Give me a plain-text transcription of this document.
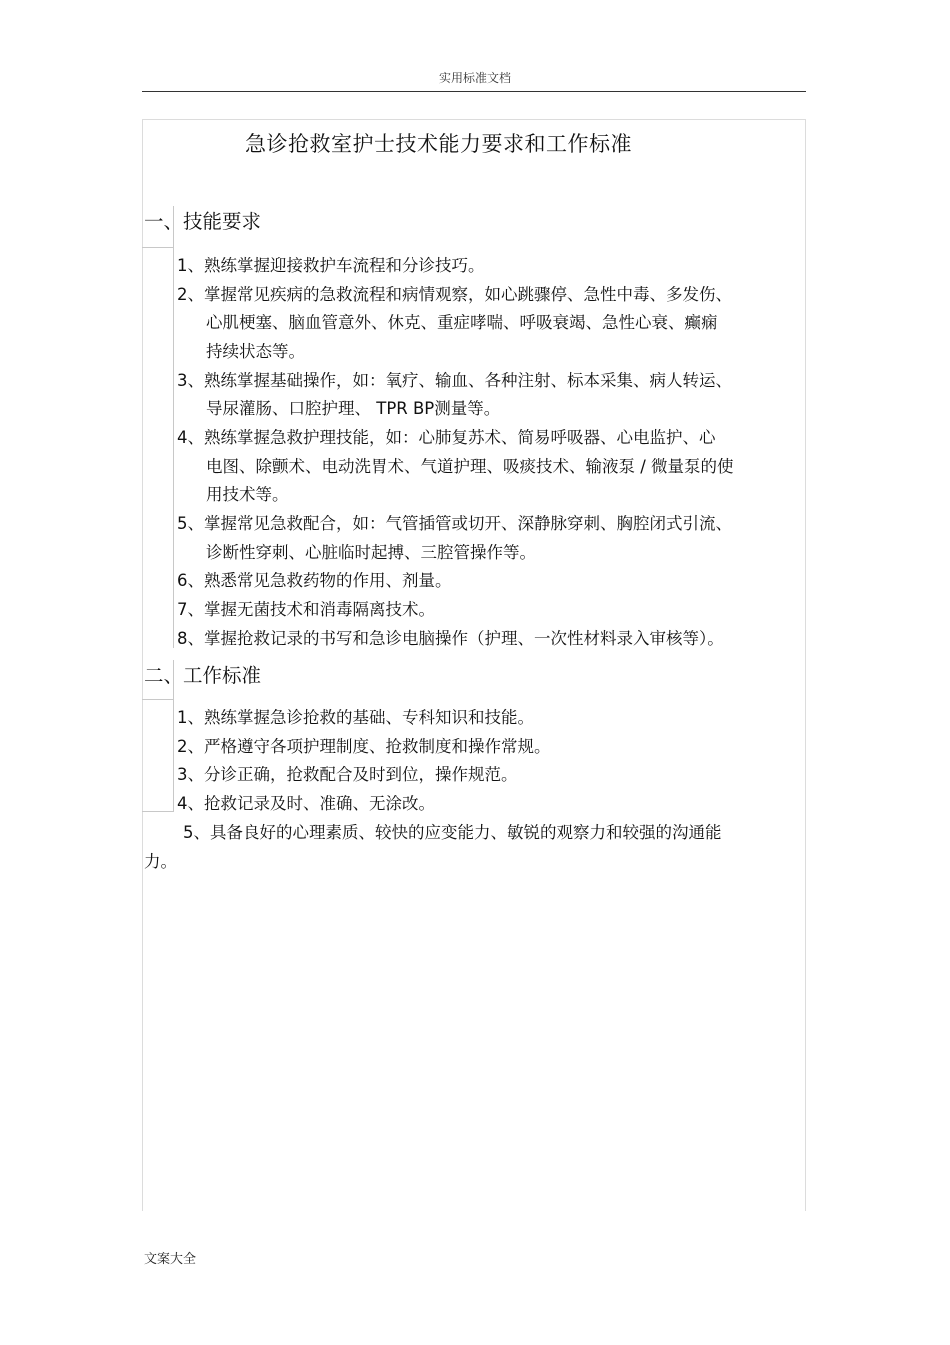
实用标准文档
急诊抢救室护士技术能力要求和工作标准
一、技能要求
1、熟练掌握迎接救护车流程和分诊技巧。
2、掌握常见疾病的急救流程和病情观察，如心跳骤停、急性中毒、多发伤、
心肌梗塞、脑血管意外、休克、重症哮喘、呼吸衰竭、急性心衰、癫痫
持续状态等。
3、熟练掌握基础操作，如：氧疗、输血、各种注射、标本采集、病人转运、
导尿灌肠、口腔护理、 TPR BP测量等。
4、熟练掌握急救护理技能，如：心肺复苏术、简易呼吸器、心电监护、心
电图、除颤术、电动洗胃术、气道护理、吸痰技术、输液泵 / 微量泵的使
用技术等。
5、掌握常见急救配合，如：气管插管或切开、深静脉穿刺、胸腔闭式引流、
诊断性穿刺、心脏临时起搏、三腔管操作等。
6、熟悉常见急救药物的作用、剂量。
7、掌握无菌技术和消毒隔离技术。
8、掌握抢救记录的书写和急诊电脑操作（护理、一次性材料录入审核等）。
二、工作标准
1、熟练掌握急诊抢救的基础、专科知识和技能。
2、严格遵守各项护理制度、抢救制度和操作常规。
3、分诊正确，抢救配合及时到位，操作规范。
4、抢救记录及时、准确、无涂改。
5、具备良好的心理素质、较快的应变能力、敏锐的观察力和较强的沟通能
力。
文案大全
